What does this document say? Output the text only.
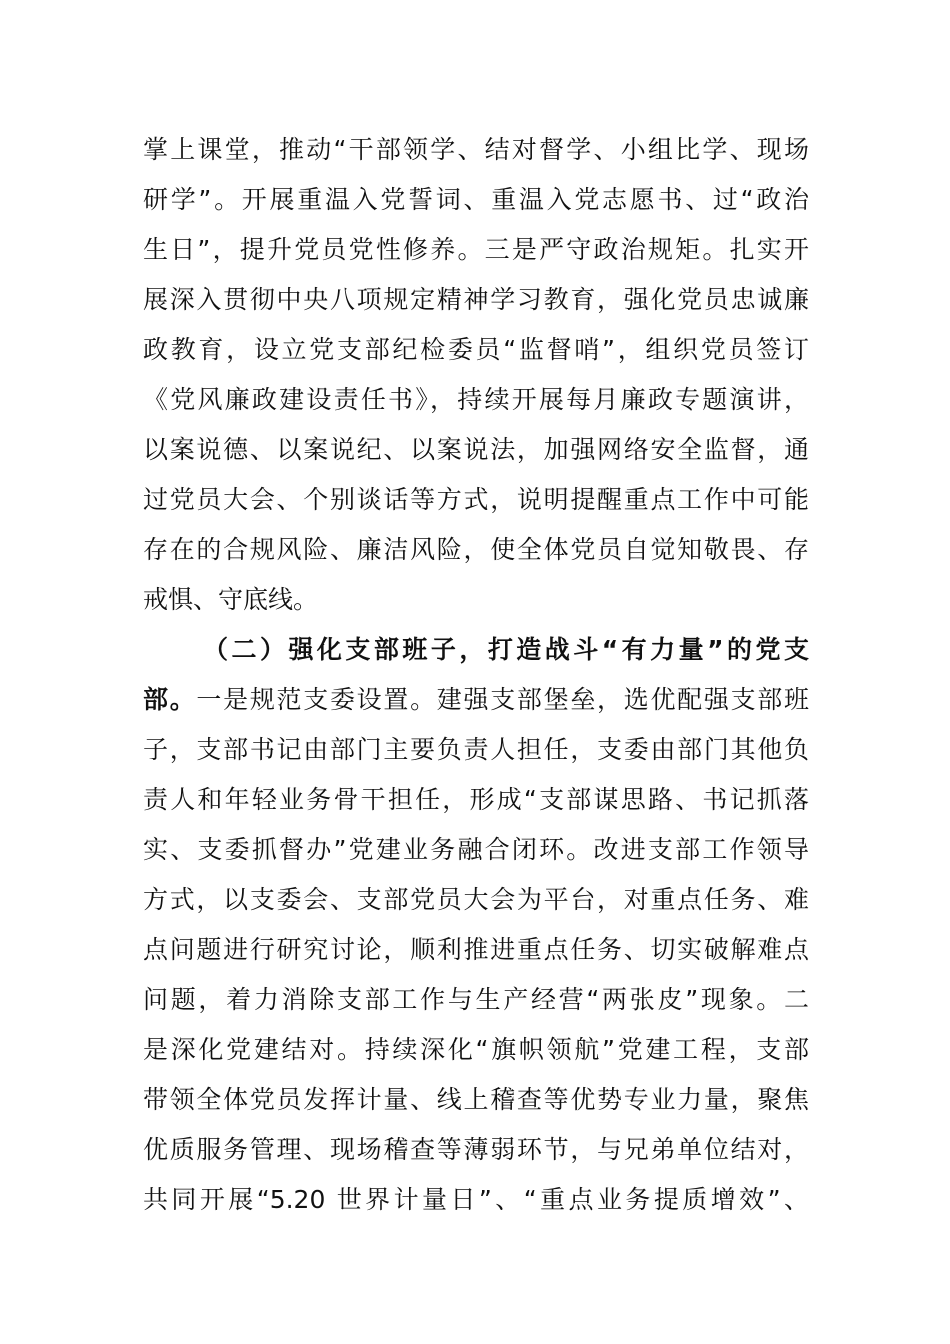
掌上课堂，推动“干部领学、结对督学、小组比学、现场
研学”。开展重温入党誓词、重温入党志愿书、过“政治
生日”，提升党员党性修养。三是严守政治规矩。扎实开
展深入贯彻中央八项规定精神学习教育，强化党员忠诚廉
政教育，设立党支部纪检委员“监督哨”，组织党员签订
《党风廉政建设责任书》，持续开展每月廉政专题演讲，
以案说德、以案说纪、以案说法，加强网络安全监督，通
过党员大会、个别谈话等方式，说明提醒重点工作中可能
存在的合规风险、廉洁风险，使全体党员自觉知敬畏、存
戒惧、守底线。
（二）强化支部班子，打造战斗“有力量”的党支
部。一是规范支委设置。建强支部堡垒，选优配强支部班
子，支部书记由部门主要负责人担任，支委由部门其他负
责人和年轻业务骨干担任，形成“支部谋思路、书记抓落
实、支委抓督办”党建业务融合闭环。改进支部工作领导
方式，以支委会、支部党员大会为平台，对重点任务、难
点问题进行研究讨论，顺利推进重点任务、切实破解难点
问题，着力消除支部工作与生产经营“两张皮”现象。二
是深化党建结对。持续深化“旗帜领航”党建工程，支部
带领全体党员发挥计量、线上稽查等优势专业力量，聚焦
优质服务管理、现场稽查等薄弱环节，与兄弟单位结对，
共同开展“5.20 世界计量日”、“重点业务提质增效”、
